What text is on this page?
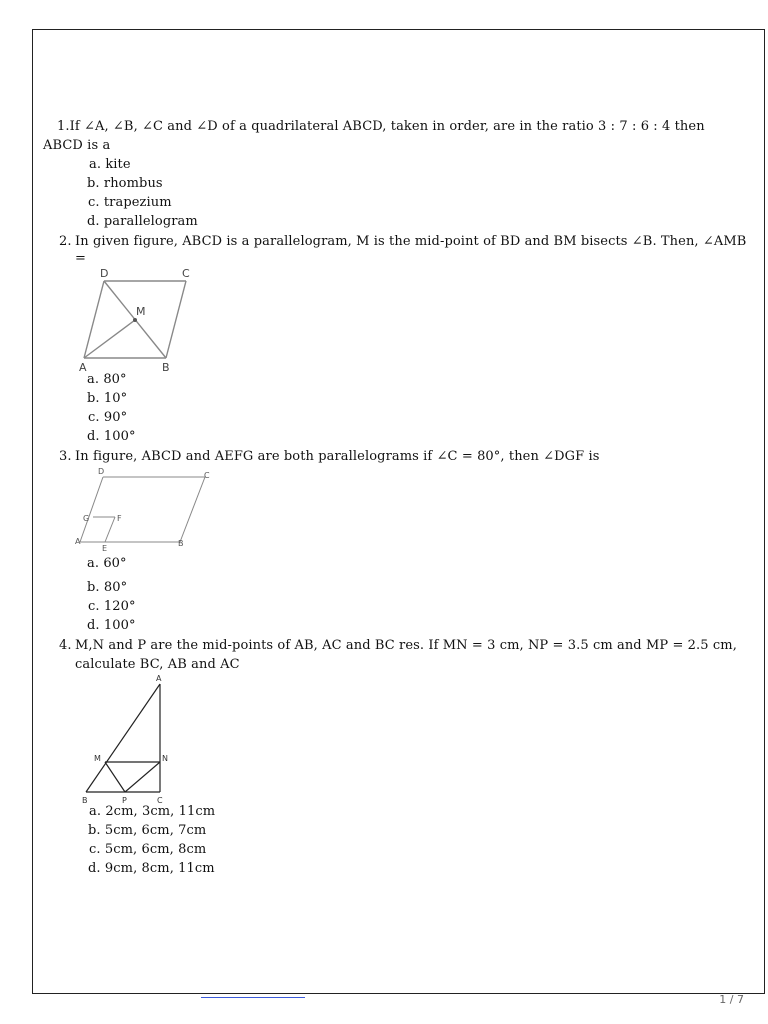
1.If ∠A, ∠B, ∠C and ∠D of a quadrilateral ABCD, taken in order, are in the ratio 3 : 7 : 6 : 4 then
ABCD is a
a. kite
b. rhombus
c. trapezium
d. parallelogram
2. In given figure, ABCD is a parallelogram, M is the mid-point of BD and BM bisects ∠B. Then, ∠AMB
=
D	C
M
A	B
a. 80°
b. 10°
c. 90°
d. 100°
3. In figure, ABCD and AEFG are both parallelograms if ∠C = 80°, then ∠DGF is
D	C
G	F
A
E
B
a. 60°
b. 80°
c. 120°
d. 100°
4. M,N and P are the mid-points of AB, AC and BC res. If MN = 3 cm, NP = 3.5 cm and MP = 2.5 cm,
calculate BC, AB and AC
A
M	N
B	P	C
a. 2cm, 3cm, 11cm
b. 5cm, 6cm, 7cm
c. 5cm, 6cm, 8cm
d. 9cm, 8cm, 11cm
1 / 7
